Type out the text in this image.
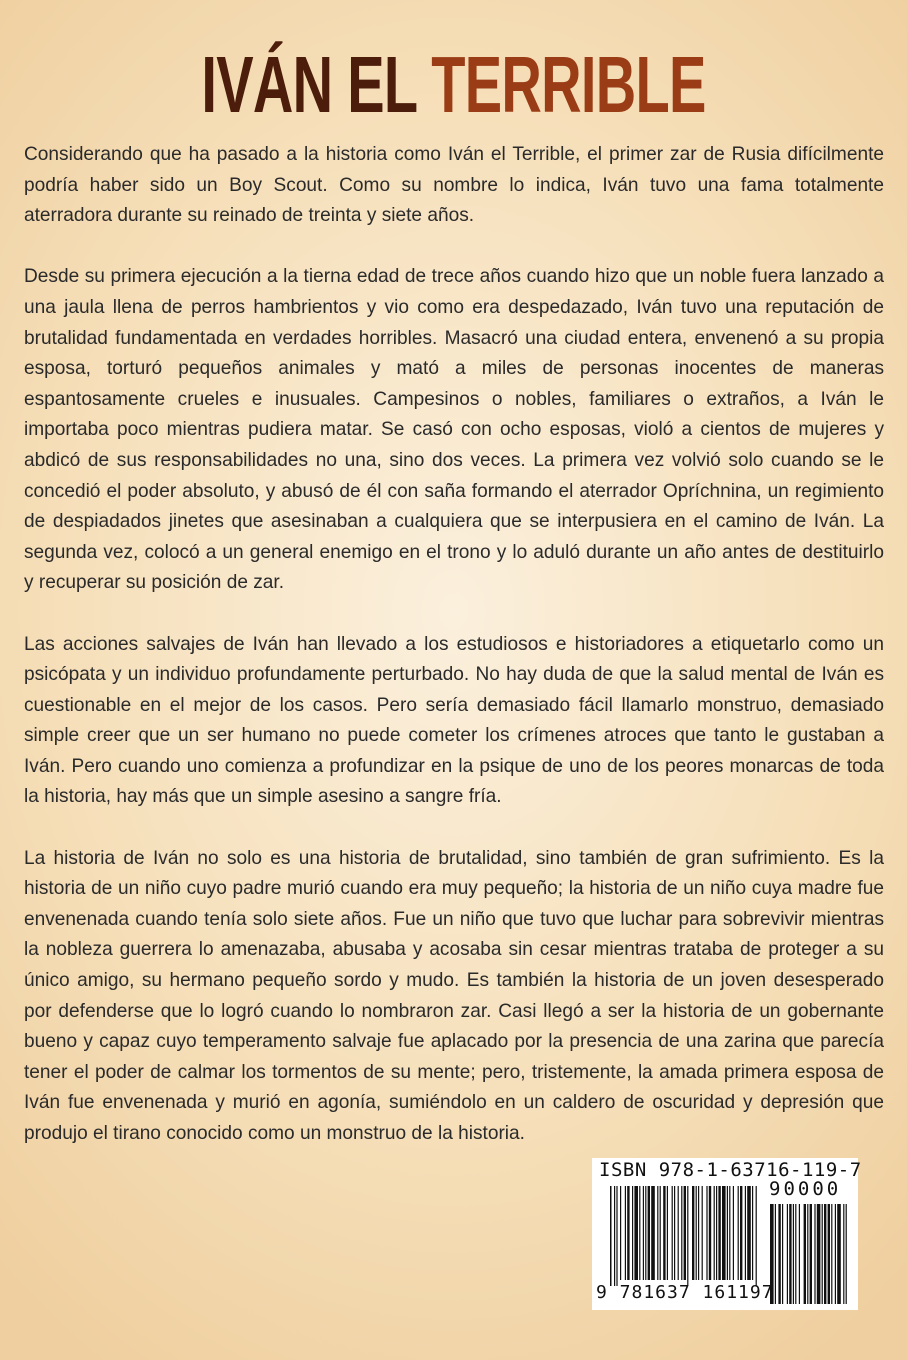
IVÁN EL TERRIBLE

Considerando que ha pasado a la historia como Iván el Terrible, el primer zar de Rusia difícilmente podría haber sido un Boy Scout. Como su nombre lo indica, Iván tuvo una fama totalmente aterradora durante su reinado de treinta y siete años.

Desde su primera ejecución a la tierna edad de trece años cuando hizo que un noble fuera lanzado a una jaula llena de perros hambrientos y vio como era despedazado, Iván tuvo una reputación de brutalidad fundamentada en verdades horribles. Masacró una ciudad entera, envenenó a su propia esposa, torturó pequeños animales y mató a miles de personas inocentes de maneras espantosamente crueles e inusuales. Campesinos o nobles, familiares o extraños, a Iván le importaba poco mientras pudiera matar. Se casó con ocho esposas, violó a cientos de mujeres y abdicó de sus responsabilidades no una, sino dos veces. La primera vez volvió solo cuando se le concedió el poder absoluto, y abusó de él con saña formando el aterrador Opríchnina, un regimiento de despiadados jinetes que asesinaban a cualquiera que se interpusiera en el camino de Iván. La segunda vez, colocó a un general enemigo en el trono y lo aduló durante un año antes de destituirlo y recuperar su posición de zar.

Las acciones salvajes de Iván han llevado a los estudiosos e historiadores a etiquetarlo como un psicópata y un individuo profundamente perturbado. No hay duda de que la salud mental de Iván es cuestionable en el mejor de los casos. Pero sería demasiado fácil llamarlo monstruo, demasiado simple creer que un ser humano no puede cometer los crímenes atroces que tanto le gustaban a Iván. Pero cuando uno comienza a profundizar en la psique de uno de los peores monarcas de toda la historia, hay más que un simple asesino a sangre fría.

La historia de Iván no solo es una historia de brutalidad, sino también de gran sufrimiento. Es la historia de un niño cuyo padre murió cuando era muy pequeño; la historia de un niño cuya madre fue envenenada cuando tenía solo siete años. Fue un niño que tuvo que luchar para sobrevivir mientras la nobleza guerrera lo amenazaba, abusaba y acosaba sin cesar mientras trataba de proteger a su único amigo, su hermano pequeño sordo y mudo. Es también la historia de un joven desesperado por defenderse que lo logró cuando lo nombraron zar. Casi llegó a ser la historia de un gobernante bueno y capaz cuyo temperamento salvaje fue aplacado por la presencia de una zarina que parecía tener el poder de calmar los tormentos de su mente; pero, tristemente, la amada primera esposa de Iván fue envenenada y murió en agonía, sumiéndolo en un caldero de oscuridad y depresión que produjo el tirano conocido como un monstruo de la historia.

ISBN 978-1-63716-119-7
90000
9 781637 161197
